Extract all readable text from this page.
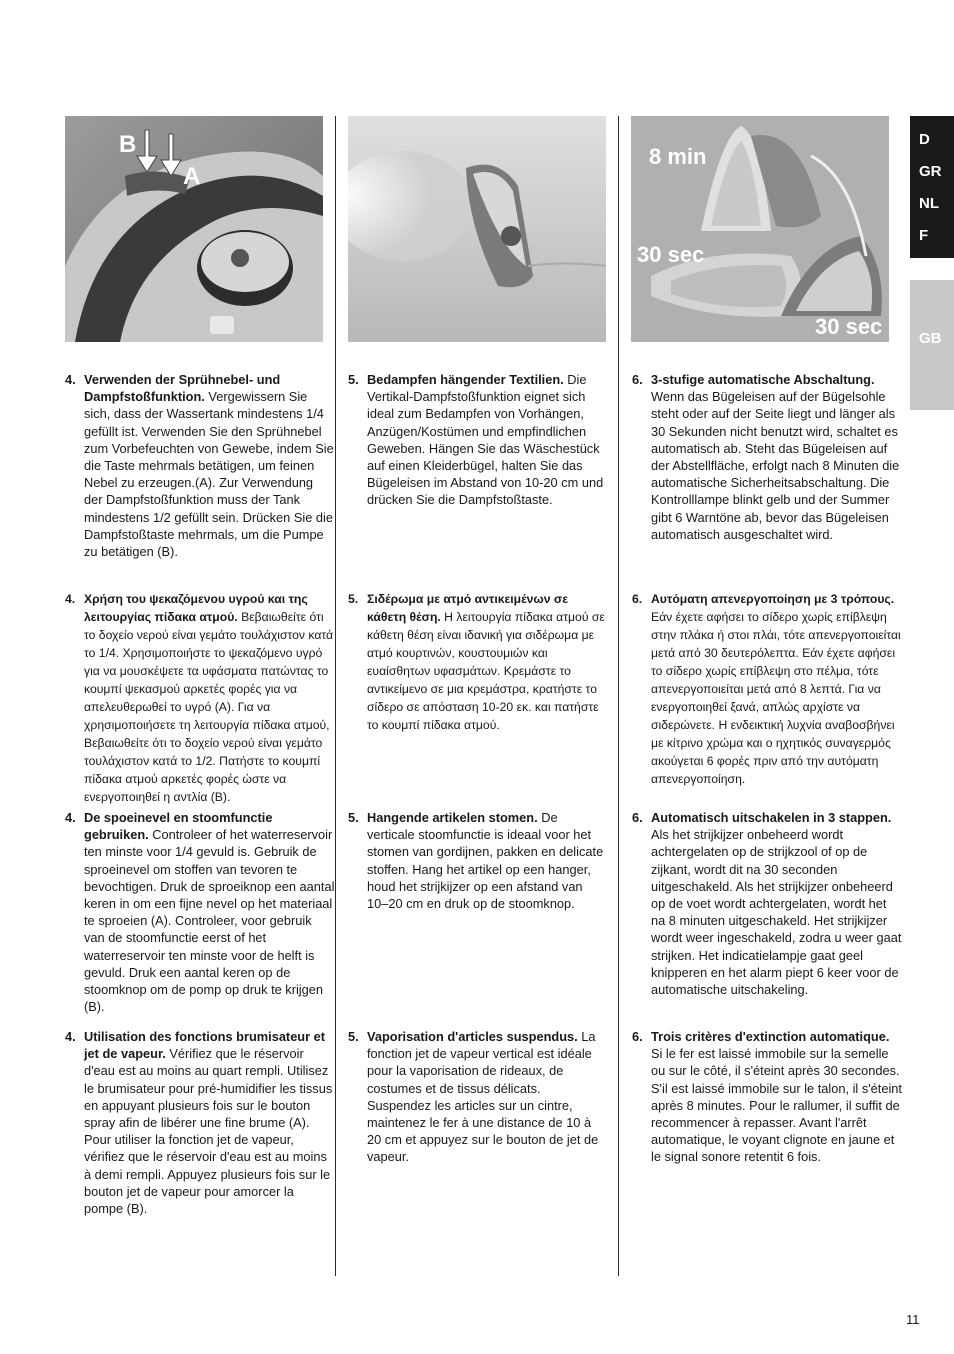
B
A
8 min
30 sec
30 sec
D
GR
NL
F
GB
4. Verwenden der Sprühnebel- und Dampfstoßfunktion. Vergewissern Sie sich, dass der Wassertank mindestens 1/4 gefüllt ist. Verwenden Sie den Sprühnebel zum Vorbefeuchten von Gewebe, indem Sie die Taste mehrmals betätigen, um feinen Nebel zu erzeugen.(A). Zur Verwendung der Dampfstoßfunktion muss der Tank mindestens 1/2 gefüllt sein. Drücken Sie die Dampfstoßtaste mehrmals, um die Pumpe zu betätigen (B).
5. Bedampfen hängender Textilien. Die Vertikal-Dampfstoßfunktion eignet sich ideal zum Bedampfen von Vorhängen, Anzügen/Kostümen und empfindlichen Geweben. Hängen Sie das Wäschestück auf einen Kleiderbügel, halten Sie das Bügeleisen im Abstand von 10-20 cm und drücken Sie die Dampfstoßtaste.
6. 3-stufige automatische Abschaltung. Wenn das Bügeleisen auf der Bügelsohle steht oder auf der Seite liegt und länger als 30 Sekunden nicht benutzt wird, schaltet es automatisch ab. Steht das Bügeleisen auf der Abstellfläche, erfolgt nach 8 Minuten die automatische Sicherheitsabschaltung. Die Kontrolllampe blinkt gelb und der Summer gibt 6 Warntöne ab, bevor das Bügeleisen automatisch ausgeschaltet wird.
4. Χρήση του ψεκαζόμενου υγρού και της λειτουργίας πίδακα ατμού. Βεβαιωθείτε ότι το δοχείο νερού είναι γεμάτο τουλάχιστον κατά το 1/4. Χρησιμοποιήστε το ψεκαζόμενο υγρό για να μουσκέψετε τα υφάσματα πατώντας το κουμπί ψεκασμού αρκετές φορές για να απελευθερωθεί το υγρό (A). Για να χρησιμοποιήσετε τη λειτουργία πίδακα ατμού, Βεβαιωθείτε ότι το δοχείο νερού είναι γεμάτο τουλάχιστον κατά το 1/2. Πατήστε το κουμπί πίδακα ατμού αρκετές φορές ώστε να ενεργοποιηθεί η αντλία (B).
5. Σιδέρωμα με ατμό αντικειμένων σε κάθετη θέση. Η λειτουργία πίδακα ατμού σε κάθετη θέση είναι ιδανική για σιδέρωμα με ατμό κουρτινών, κουστουμιών και ευαίσθητων υφασμάτων. Κρεμάστε το αντικείμενο σε μια κρεμάστρα, κρατήστε το σίδερο σε απόσταση 10-20 εκ. και πατήστε το κουμπί πίδακα ατμού.
6. Αυτόματη απενεργοποίηση με 3 τρόπους. Εάν έχετε αφήσει το σίδερο χωρίς επίβλεψη στην πλάκα ή στοι πλάι, τότε απενεργοποιείται μετά από 30 δευτερόλεπτα. Εάν έχετε αφήσει το σίδερο χωρίς επίβλεψη στο πέλμα, τότε απενεργοποιείται μετά από 8 λεπτά. Για να ενεργοποιηθεί ξανά, απλώς αρχίστε να σιδερώνετε. Η ενδεικτική λυχνία αναβοσβήνει με κίτρινο χρώμα και ο ηχητικός συναγερμός ακούγεται 6 φορές πριν από την αυτόματη απενεργοποίηση.
4. De spoeinevel en stoomfunctie gebruiken. Controleer of het waterreservoir ten minste voor 1/4 gevuld is. Gebruik de sproeinevel om stoffen van tevoren te bevochtigen. Druk de sproeiknop een aantal keren in om een fijne nevel op het materiaal te sproeien (A). Controleer, voor gebruik van de stoomfunctie eerst of het waterreservoir ten minste voor de helft is gevuld. Druk een aantal keren op de stoomknop om de pomp op druk te krijgen (B).
5. Hangende artikelen stomen. De verticale stoomfunctie is ideaal voor het stomen van gordijnen, pakken en delicate stoffen. Hang het artikel op een hanger, houd het strijkijzer op een afstand van 10–20 cm en druk op de stoomknop.
6. Automatisch uitschakelen in 3 stappen. Als het strijkijzer onbeheerd wordt achtergelaten op de strijkzool of op de zijkant, wordt dit na 30 seconden uitgeschakeld. Als het strijkijzer onbeheerd op de voet wordt achtergelaten, wordt het na 8 minuten uitgeschakeld. Het strijkijzer wordt weer ingeschakeld, zodra u weer gaat strijken. Het indicatielampje gaat geel knipperen en het alarm piept 6 keer voor de automatische uitschakeling.
4. Utilisation des fonctions brumisateur et jet de vapeur. Vérifiez que le réservoir d'eau est au moins au quart rempli. Utilisez le brumisateur pour pré-humidifier les tissus en appuyant plusieurs fois sur le bouton spray afin de libérer une fine brume (A). Pour utiliser la fonction jet de vapeur, vérifiez que le réservoir d'eau est au moins à demi rempli. Appuyez plusieurs fois sur le bouton jet de vapeur pour amorcer la pompe (B).
5. Vaporisation d'articles suspendus. La fonction jet de vapeur vertical est idéale pour la vaporisation de rideaux, de costumes et de tissus délicats. Suspendez les articles sur un cintre, maintenez le fer à une distance de 10 à 20 cm et appuyez sur le bouton de jet de vapeur.
6. Trois critères d'extinction automatique. Si le fer est laissé immobile sur la semelle ou sur le côté, il s'éteint après 30 secondes. S'il est laissé immobile sur le talon, il s'éteint après 8 minutes. Pour le rallumer, il suffit de recommencer à repasser. Avant l'arrêt automatique, le voyant clignote en jaune et le signal sonore retentit 6 fois.
11
